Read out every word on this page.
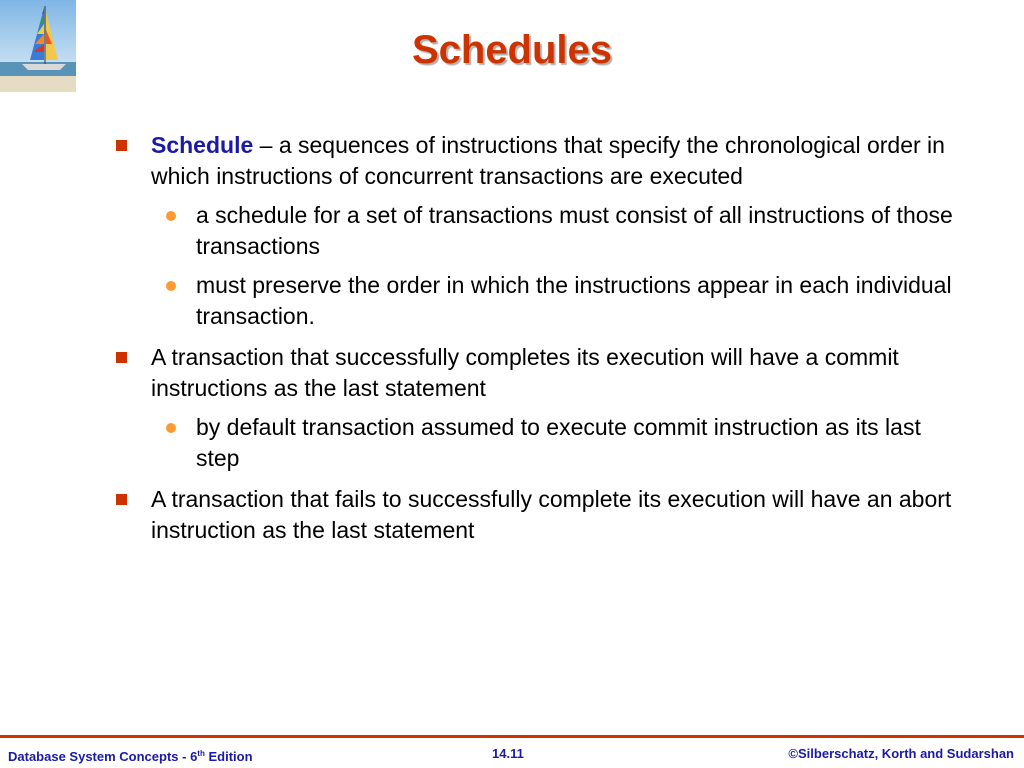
Schedules
Schedule – a sequences of instructions that specify the chronological order in which instructions of concurrent transactions are executed
a schedule for a set of transactions must consist of all instructions of those transactions
must preserve the order in which the instructions appear in each individual transaction.
A transaction that successfully completes its execution will have a commit instructions as the last statement
by default transaction assumed to execute commit instruction as its last step
A transaction that fails to successfully complete its execution will have an abort instruction as the last statement
Database System Concepts - 6th Edition	14.11	©Silberschatz, Korth and Sudarshan
